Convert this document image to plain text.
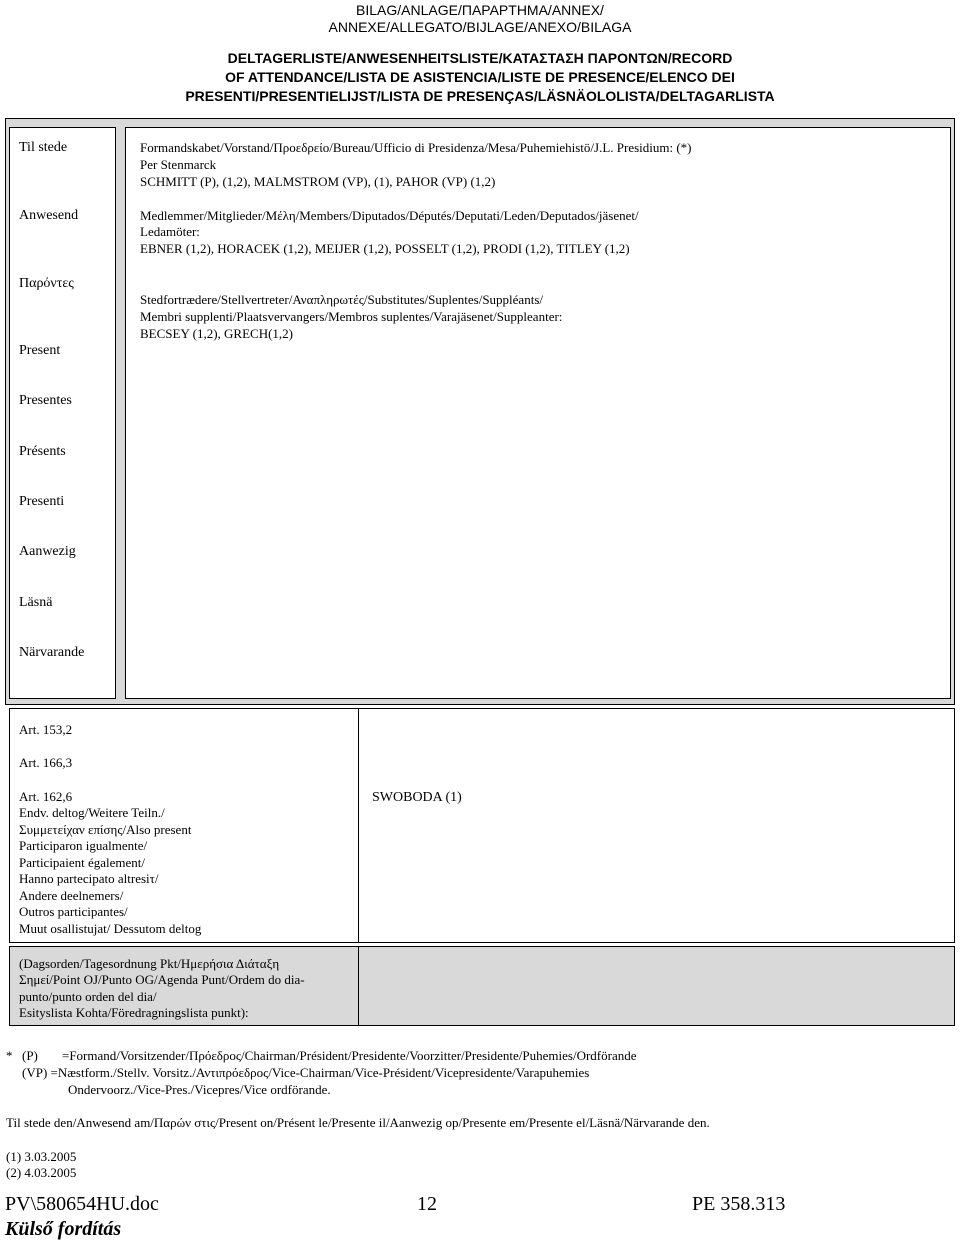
BILAG/ANLAGE/ΠΑΡΑΡΤΗΜΑ/ANNEX/
ANNEXE/ALLEGATO/BIJLAGE/ANEXO/BILAGA
DELTAGERLISTE/ANWESENHEITSLISTE/ΚΑΤΑΣΤΑΣΗ ΠΑΡΟΝΤΩΝ/RECORD
OF ATTENDANCE/LISTA DE ASISTENCIA/LISTE DE PRESENCE/ELENCO DEI
PRESENTI/PRESENTIELIJST/LISTA DE PRESENÇAS/LÄSNÄOLOLISTA/DELTAGARLISTA
Til stede
Anwesend
Παρόντες
Present
Presentes
Présents
Presenti
Aanwezig
Läsnä
Närvarande
Formandskabet/Vorstand/Προεδρείο/Bureau/Ufficio di Presidenza/Mesa/Puhemiehistö/J.L. Presidium: (*)
Per Stenmarck
SCHMITT (P), (1,2), MALMSTROM (VP), (1), PAHOR (VP) (1,2)
Medlemmer/Mitglieder/Μέλη/Members/Diputados/Députés/Deputati/Leden/Deputados/jäsenet/
Ledamöter:
EBNER (1,2), HORACEK (1,2), MEIJER (1,2), POSSELT (1,2), PRODI (1,2), TITLEY (1,2)
Stedfortrædere/Stellvertreter/Αναπληρωτές/Substitutes/Suplentes/Suppléants/
Membri supplenti/Plaatsvervangers/Membros suplentes/Varajäsenet/Suppleanter:
BECSEY (1,2), GRECH(1,2)
Art. 153,2
Art. 166,3
Art. 162,6
Endv. deltog/Weitere Teiln./
Συμμετείχαν επίσης/Also present
Participaron igualmente/
Participaient également/
Hanno partecipato altresiτ/
Andere deelnemers/
Outros participantes/
Muut osallistujat/ Dessutom deltog
SWOBODA (1)
(Dagsorden/Tagesordnung Pkt/Ημερήσια Διάταξη
Σημεί/Point OJ/Punto OG/Agenda Punt/Ordem do dia-
punto/punto orden del dia/
Esityslista Kohta/Föredragningslista punkt):
* (P) =Formand/Vorsitzender/Πρόεδρος/Chairman/Président/Presidente/Voorzitter/Presidente/Puhemies/Ordförande
(VP) =Næstform./Stellv. Vorsitz./Αντιπρόεδρος/Vice-Chairman/Vice-Président/Vicepresidente/Varapuhemies
Ondervoorz./Vice-Pres./Vicepres/Vice ordförande.
Til stede den/Anwesend am/Παρών στις/Present on/Présent le/Presente il/Aanwezig op/Presente em/Presente el/Läsnä/Närvarande den.
(1) 3.03.2005
(2) 4.03.2005
PV\580654HU.doc	12	PE 358.313
Külső fordítás
